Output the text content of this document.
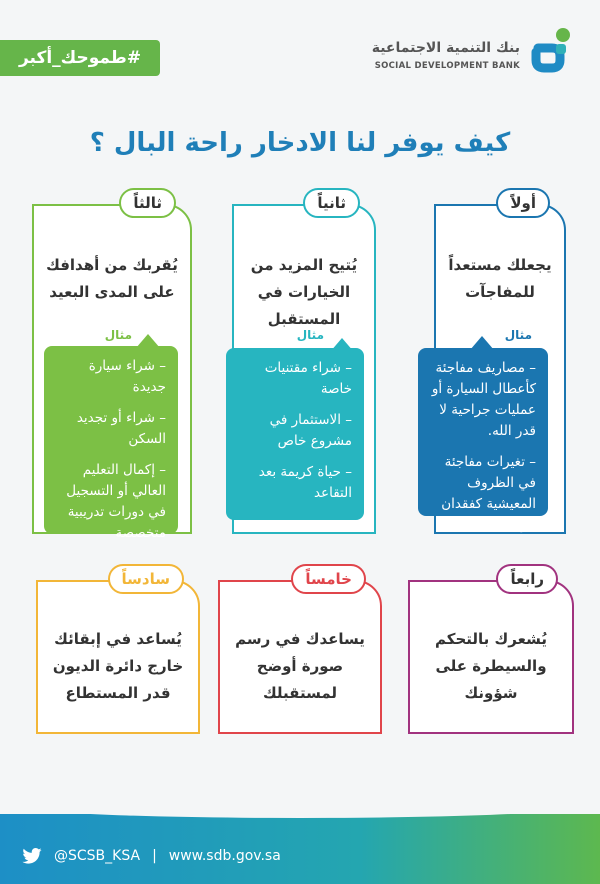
#طموحك_أكبر	بنك التنمية الاجتماعية
SOCIAL DEVELOPMENT BANK
كيف يوفر لنا الادخار راحة البال ؟
أولاً
يجعلك مستعداً للمفاجآت
مثال
– مصاريف مفاجئة كأعطال السيارة أو عمليات جراحية لا قدر الله.
– تغيرات مفاجئة في الظروف المعيشية كفقدان الوظيفة.
ثانياً
يُتيح المزيد من الخيارات في المستقبل
مثال
– شراء مقتنيات خاصة
– الاستثمار في مشروع خاص
– حياة كريمة بعد التقاعد
ثالثاً
يُقربك من أهدافك على المدى البعيد
مثال
– شراء سيارة جديدة
– شراء أو تجديد السكن
– إكمال التعليم العالي أو التسجيل في دورات تدريبية متخصصة
رابعاً
يُشعرك بالتحكم والسيطرة على شؤونك
خامساً
يساعدك في رسم صورة أوضح لمستقبلك
سادساً
يُساعد في إبقائك خارج دائرة الديون قدر المستطاع
@SCSB_KSA | www.sdb.gov.sa
